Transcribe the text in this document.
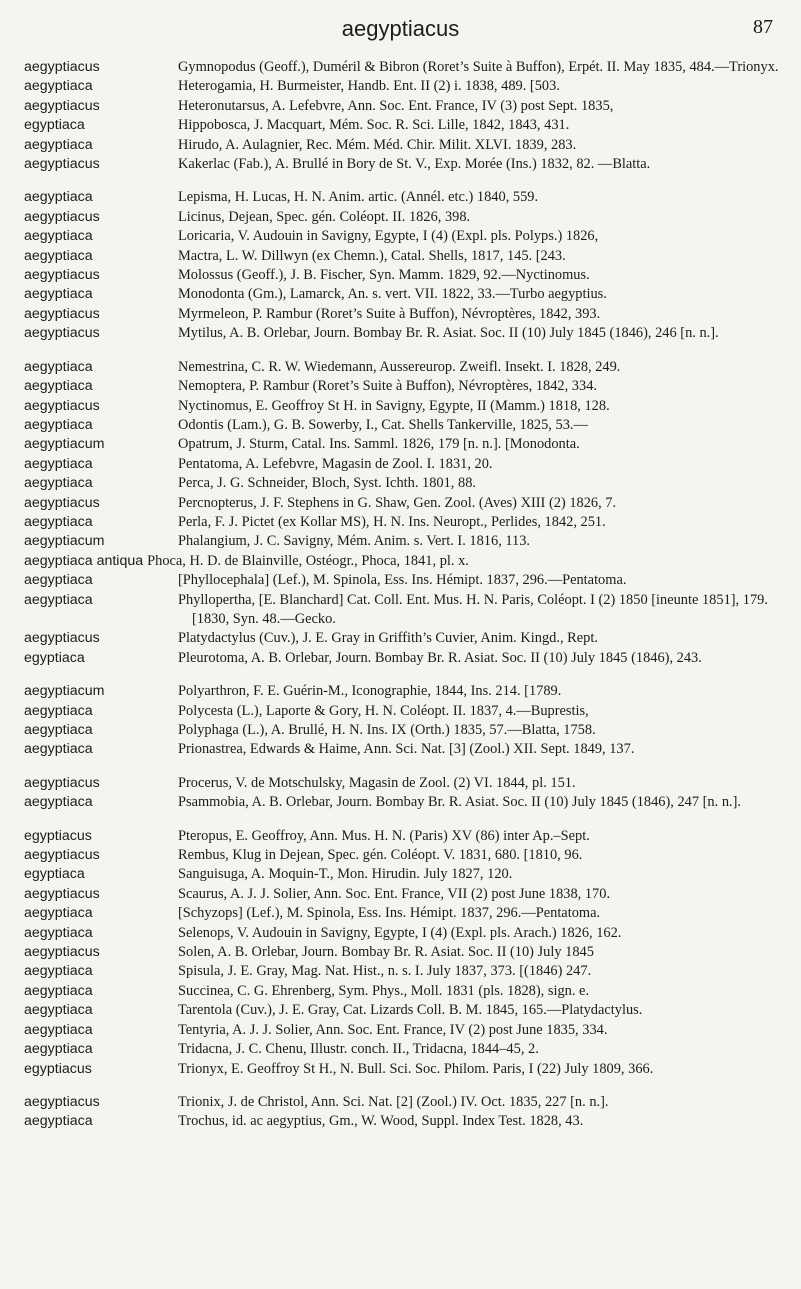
aegyptiacus	87
aegyptiacus	Gymnopodus (Geoff.), Duméril & Bibron (Roret’s Suite à Buffon), Erpét. II. May 1835, 484.—Trionyx.
aegyptiaca	Heterogamia, H. Burmeister, Handb. Ent. II (2) i. 1838, 489. [503.
aegyptiacus	Heteronutarsus, A. Lefebvre, Ann. Soc. Ent. France, IV (3) post Sept. 1835,
egyptiaca	Hippobosca, J. Macquart, Mém. Soc. R. Sci. Lille, 1842, 1843, 431.
aegyptiaca	Hirudo, A. Aulagnier, Rec. Mém. Méd. Chir. Milit. XLVI. 1839, 283.
aegyptiacus	Kakerlac (Fab.), A. Brullé in Bory de St. V., Exp. Morée (Ins.) 1832, 82. —Blatta.
aegyptiaca	Lepisma, H. Lucas, H. N. Anim. artic. (Annél. etc.) 1840, 559.
aegyptiacus	Licinus, Dejean, Spec. gén. Coléopt. II. 1826, 398.
aegyptiaca	Loricaria, V. Audouin in Savigny, Egypte, I (4) (Expl. pls. Polyps.) 1826,
aegyptiaca	Mactra, L. W. Dillwyn (ex Chemn.), Catal. Shells, 1817, 145. [243.
aegyptiacus	Molossus (Geoff.), J. B. Fischer, Syn. Mamm. 1829, 92.—Nyctinomus.
aegyptiaca	Monodonta (Gm.), Lamarck, An. s. vert. VII. 1822, 33.—Turbo aegyptius.
aegyptiacus	Myrmeleon, P. Rambur (Roret’s Suite à Buffon), Névroptères, 1842, 393.
aegyptiacus	Mytilus, A. B. Orlebar, Journ. Bombay Br. R. Asiat. Soc. II (10) July 1845 (1846), 246 [n. n.].
aegyptiaca	Nemestrina, C. R. W. Wiedemann, Aussereurop. Zweifl. Insekt. I. 1828, 249.
aegyptiaca	Nemoptera, P. Rambur (Roret’s Suite à Buffon), Névroptères, 1842, 334.
aegyptiacus	Nyctinomus, E. Geoffroy St H. in Savigny, Egypte, II (Mamm.) 1818, 128.
aegyptiaca	Odontis (Lam.), G. B. Sowerby, I., Cat. Shells Tankerville, 1825, 53.—
aegyptiacum	Opatrum, J. Sturm, Catal. Ins. Samml. 1826, 179 [n. n.]. [Monodonta.
aegyptiaca	Pentatoma, A. Lefebvre, Magasin de Zool. I. 1831, 20.
aegyptiaca	Perca, J. G. Schneider, Bloch, Syst. Ichth. 1801, 88.
aegyptiacus	Percnopterus, J. F. Stephens in G. Shaw, Gen. Zool. (Aves) XIII (2) 1826, 7.
aegyptiaca	Perla, F. J. Pictet (ex Kollar MS), H. N. Ins. Neuropt., Perlides, 1842, 251.
aegyptiacum	Phalangium, J. C. Savigny, Mém. Anim. s. Vert. I. 1816, 113.
aegyptiaca antiqua Phoca, H. D. de Blainville, Ostéogr., Phoca, 1841, pl. x.
aegyptiaca	[Phyllocephala] (Lef.), M. Spinola, Ess. Ins. Hémipt. 1837, 296.—Pentatoma.
aegyptiaca	Phyllopertha, [E. Blanchard] Cat. Coll. Ent. Mus. H. N. Paris, Coléopt. I (2) 1850 [ineunte 1851], 179. [1830, Syn. 48.—Gecko.
aegyptiacus	Platydactylus (Cuv.), J. E. Gray in Griffith’s Cuvier, Anim. Kingd., Rept.
egyptiaca	Pleurotoma, A. B. Orlebar, Journ. Bombay Br. R. Asiat. Soc. II (10) July 1845 (1846), 243.
aegyptiacum	Polyarthron, F. E. Guérin-M., Iconographie, 1844, Ins. 214. [1789.
aegyptiaca	Polycesta (L.), Laporte & Gory, H. N. Coléopt. II. 1837, 4.—Buprestis,
aegyptiaca	Polyphaga (L.), A. Brullé, H. N. Ins. IX (Orth.) 1835, 57.—Blatta, 1758.
aegyptiaca	Prionastrea, Edwards & Haime, Ann. Sci. Nat. [3] (Zool.) XII. Sept. 1849, 137.
aegyptiacus	Procerus, V. de Motschulsky, Magasin de Zool. (2) VI. 1844, pl. 151.
aegyptiaca	Psammobia, A. B. Orlebar, Journ. Bombay Br. R. Asiat. Soc. II (10) July 1845 (1846), 247 [n. n.].
egyptiacus	Pteropus, E. Geoffroy, Ann. Mus. H. N. (Paris) XV (86) inter Ap.–Sept.
aegyptiacus	Rembus, Klug in Dejean, Spec. gén. Coléopt. V. 1831, 680. [1810, 96.
egyptiaca	Sanguisuga, A. Moquin-T., Mon. Hirudin. July 1827, 120.
aegyptiacus	Scaurus, A. J. J. Solier, Ann. Soc. Ent. France, VII (2) post June 1838, 170.
aegyptiaca	[Schyzops] (Lef.), M. Spinola, Ess. Ins. Hémipt. 1837, 296.—Pentatoma.
aegyptiaca	Selenops, V. Audouin in Savigny, Egypte, I (4) (Expl. pls. Arach.) 1826, 162.
aegyptiacus	Solen, A. B. Orlebar, Journ. Bombay Br. R. Asiat. Soc. II (10) July 1845
aegyptiaca	Spisula, J. E. Gray, Mag. Nat. Hist., n. s. I. July 1837, 373. [(1846) 247.
aegyptiaca	Succinea, C. G. Ehrenberg, Sym. Phys., Moll. 1831 (pls. 1828), sign. e.
aegyptiaca	Tarentola (Cuv.), J. E. Gray, Cat. Lizards Coll. B. M. 1845, 165.—Platydactylus.
aegyptiaca	Tentyria, A. J. J. Solier, Ann. Soc. Ent. France, IV (2) post June 1835, 334.
aegyptiaca	Tridacna, J. C. Chenu, Illustr. conch. II., Tridacna, 1844–45, 2.
egyptiacus	Trionyx, E. Geoffroy St H., N. Bull. Sci. Soc. Philom. Paris, I (22) July 1809, 366.
aegyptiacus	Trionix, J. de Christol, Ann. Sci. Nat. [2] (Zool.) IV. Oct. 1835, 227 [n. n.].
aegyptiaca	Trochus, id. ac aegyptius, Gm., W. Wood, Suppl. Index Test. 1828, 43.
